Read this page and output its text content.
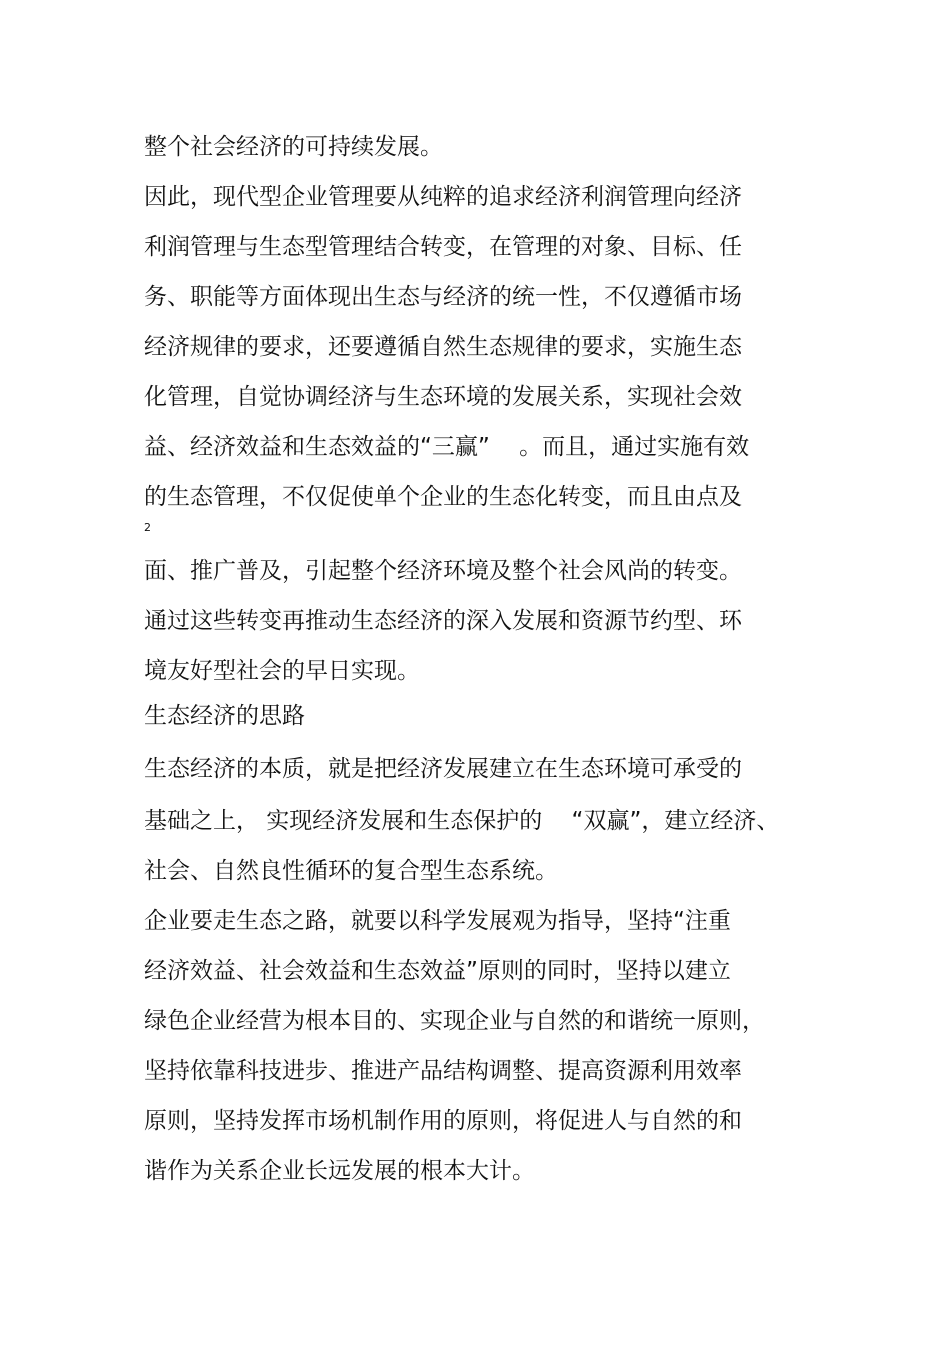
整个社会经济的可持续发展。
因此，现代型企业管理要从纯粹的追求经济利润管理向经济
利润管理与生态型管理结合转变，在管理的对象、目标、任
务、职能等方面体现出生态与经济的统一性，不仅遵循市场
经济规律的要求，还要遵循自然生态规律的要求，实施生态
化管理，自觉协调经济与生态环境的发展关系，实现社会效
益、经济效益和生态效益的“三赢”    。而且，通过实施有效
的生态管理，不仅促使单个企业的生态化转变，而且由点及
2
面、推广普及，引起整个经济环境及整个社会风尚的转变。
通过这些转变再推动生态经济的深入发展和资源节约型、环
境友好型社会的早日实现。
生态经济的思路
生态经济的本质，就是把经济发展建立在生态环境可承受的
基础之上， 实现经济发展和生态保护的    “双赢”，建立经济、
社会、自然良性循环的复合型生态系统。
企业要走生态之路，就要以科学发展观为指导，坚持“注重
经济效益、社会效益和生态效益”原则的同时，坚持以建立
绿色企业经营为根本目的、实现企业与自然的和谐统一原则，
坚持依靠科技进步、推进产品结构调整、提高资源利用效率
原则，坚持发挥市场机制作用的原则，将促进人与自然的和
谐作为关系企业长远发展的根本大计。
